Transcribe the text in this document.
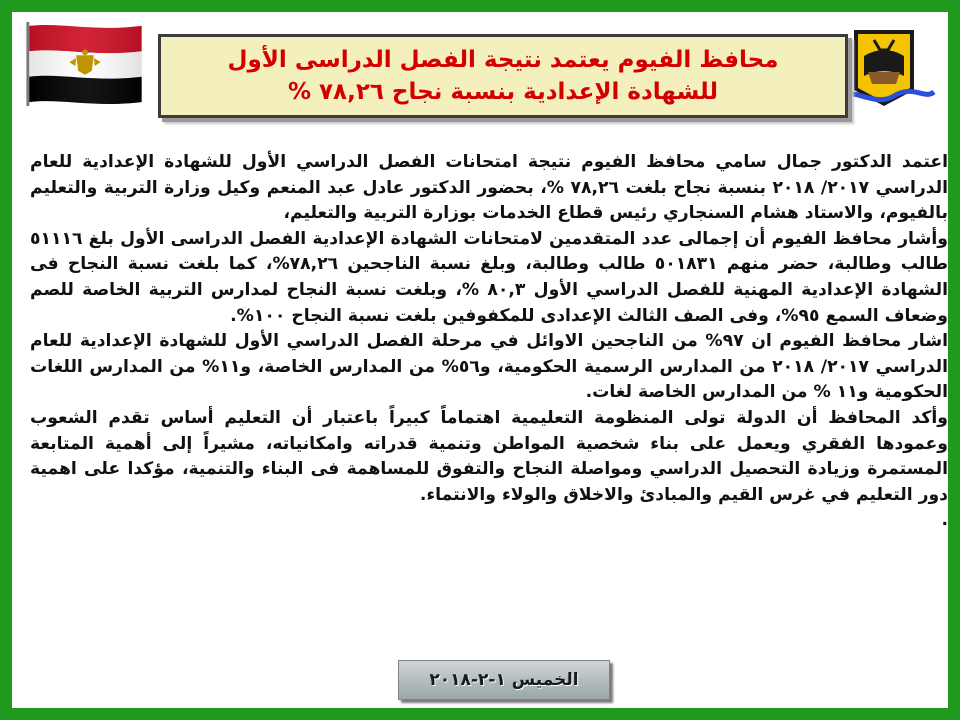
محافظ الفيوم يعتمد نتيجة الفصل الدراسى الأول
للشهادة الإعدادية بنسبة نجاح ٧٨,٢٦ %

اعتمد الدكتور جمال سامي محافظ الفيوم نتيجة امتحانات الفصل الدراسي الأول للشهادة الإعدادية للعام الدراسي ٢٠١٧/ ٢٠١٨ بنسبة نجاح بلغت ٧٨,٢٦ %، بحضور الدكتور عادل عبد المنعم وكيل وزارة التربية والتعليم بالفيوم، والاستاد هشام السنجاري رئيس قطاع الخدمات بوزارة التربية والتعليم،

وأشار محافظ الفيوم أن إجمالى عدد المتقدمين لامتحانات الشهادة الإعدادية الفصل الدراسى الأول بلغ ٥١١١٦ طالب وطالبة، حضر منهم ٥٠١٨٣١ طالب وطالبة، وبلغ نسبة الناجحين ٧٨,٢٦%، كما بلغت نسبة النجاح فى الشهادة الإعدادية المهنية للفصل الدراسي الأول ٨٠,٣ %، وبلغت نسبة النجاح لمدارس التربية الخاصة للصم وضعاف السمع ٩٥%، وفى الصف الثالث الإعدادى للمكفوفين بلغت نسبة النجاح ١٠٠%.

اشار محافظ الفيوم ان ٩٧% من الناجحين الاوائل في مرحلة الفصل الدراسي الأول للشهادة الإعدادية للعام الدراسي ٢٠١٧/ ٢٠١٨ من المدارس الرسمية الحكومية، و٥٦% من المدارس الخاصة، و١١% من المدارس اللغات الحكومية و١١ % من المدارس الخاصة لغات.

وأكد المحافظ أن الدولة تولى المنظومة التعليمية اهتماماً كبيراً باعتبار أن التعليم أساس تقدم الشعوب وعمودها الفقري ويعمل على بناء شخصية المواطن وتنمية قدراته وامكانياته، مشيراً إلى أهمية المتابعة المستمرة وزيادة التحصيل الدراسي ومواصلة النجاح والتفوق للمساهمة فى البناء والتنمية، مؤكدا على اهمية دور التعليم في غرس القيم والمبادئ والاخلاق والولاء والانتماء.

.

الخميس ١-٢-٢٠١٨
